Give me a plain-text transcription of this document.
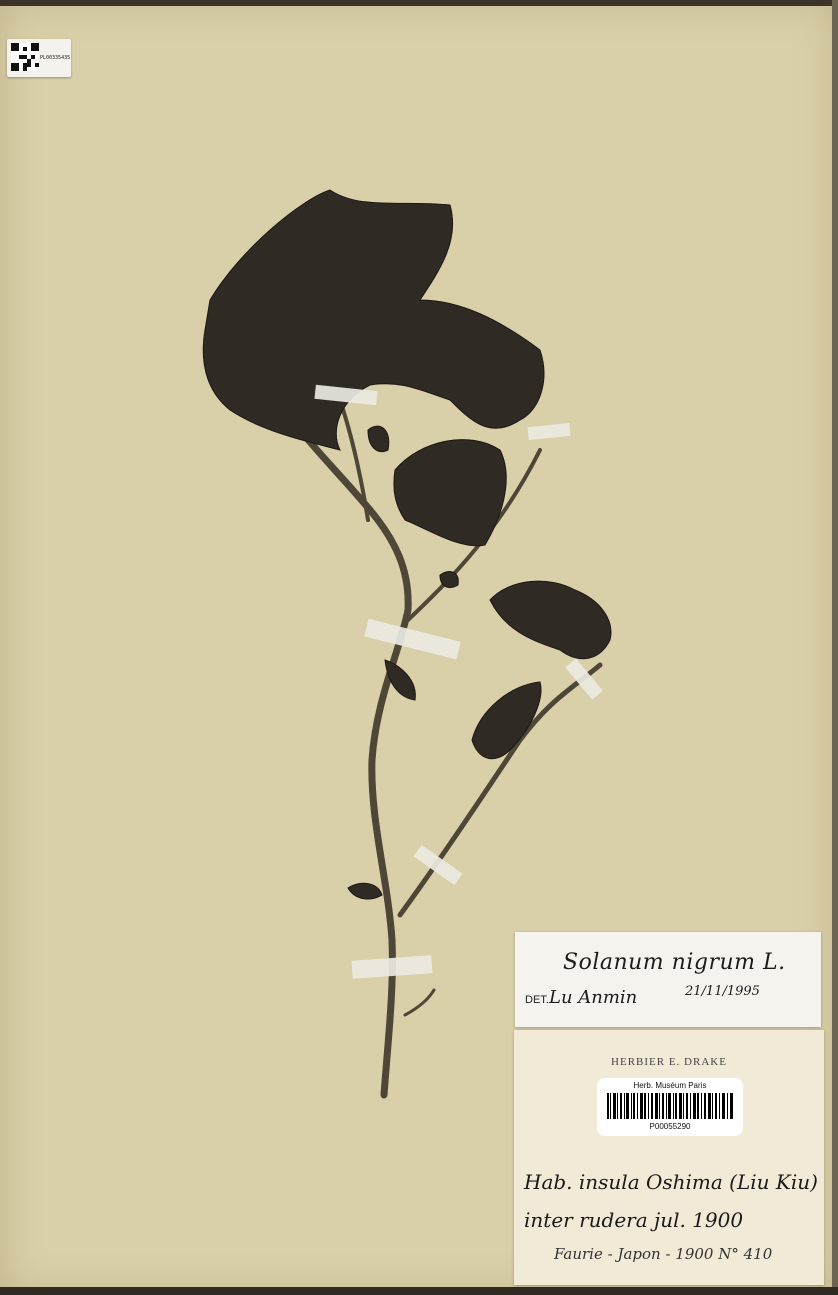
PL00335435
Solanum nigrum L.
DET. Lu Anmin	21/11/1995
HERBIER E. DRAKE
Herb. Muséum Paris
P00055290
Hab. insula Oshima (Liu Kiu)
inter rudera jul. 1900
Faurie - Japon - 1900 N° 410
